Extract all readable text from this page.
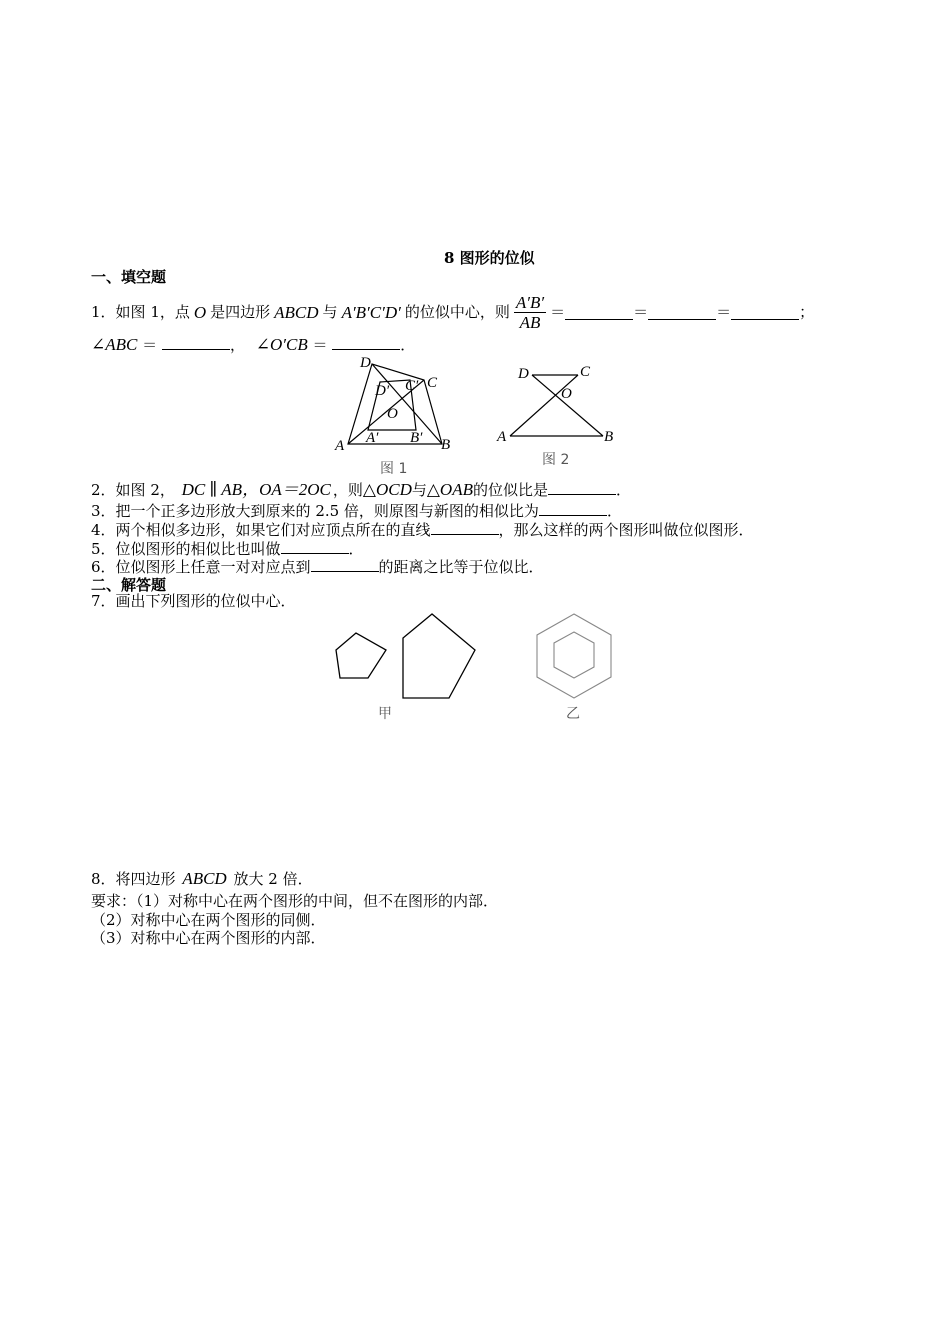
8 图形的位似
一、填空题
1． 如图 1，点 O 是四边形 ABCD 与 A′B′C′D′ 的位似中心，则 $\frac{A'B'}{AB}$ ＝	＝	＝	；
∠ABC ＝	， ∠O′CB ＝	．
D
C
D′ C′
O
A A′ B′ B
图 1
D	C
O
A	B
图 2
2．如图 2， DC ∥ AB，OA＝2OC ，则△OCD与△OAB的位似比是	．
3．把一个正多边形放大到原来的 2.5 倍，则原图与新图的相似比为	．
4．两个相似多边形，如果它们对应顶点所在的直线	，那么这样的两个图形叫做位似图形．
5．位似图形的相似比也叫做	．
6．位似图形上任意一对对应点到	的距离之比等于位似比．
二、解答题
7．画出下列图形的位似中心．
甲	乙
8．将四边形 ABCD 放大 2 倍．
要求：（1）对称中心在两个图形的中间，但不在图形的内部．
（2）对称中心在两个图形的同侧．
（3）对称中心在两个图形的内部．
